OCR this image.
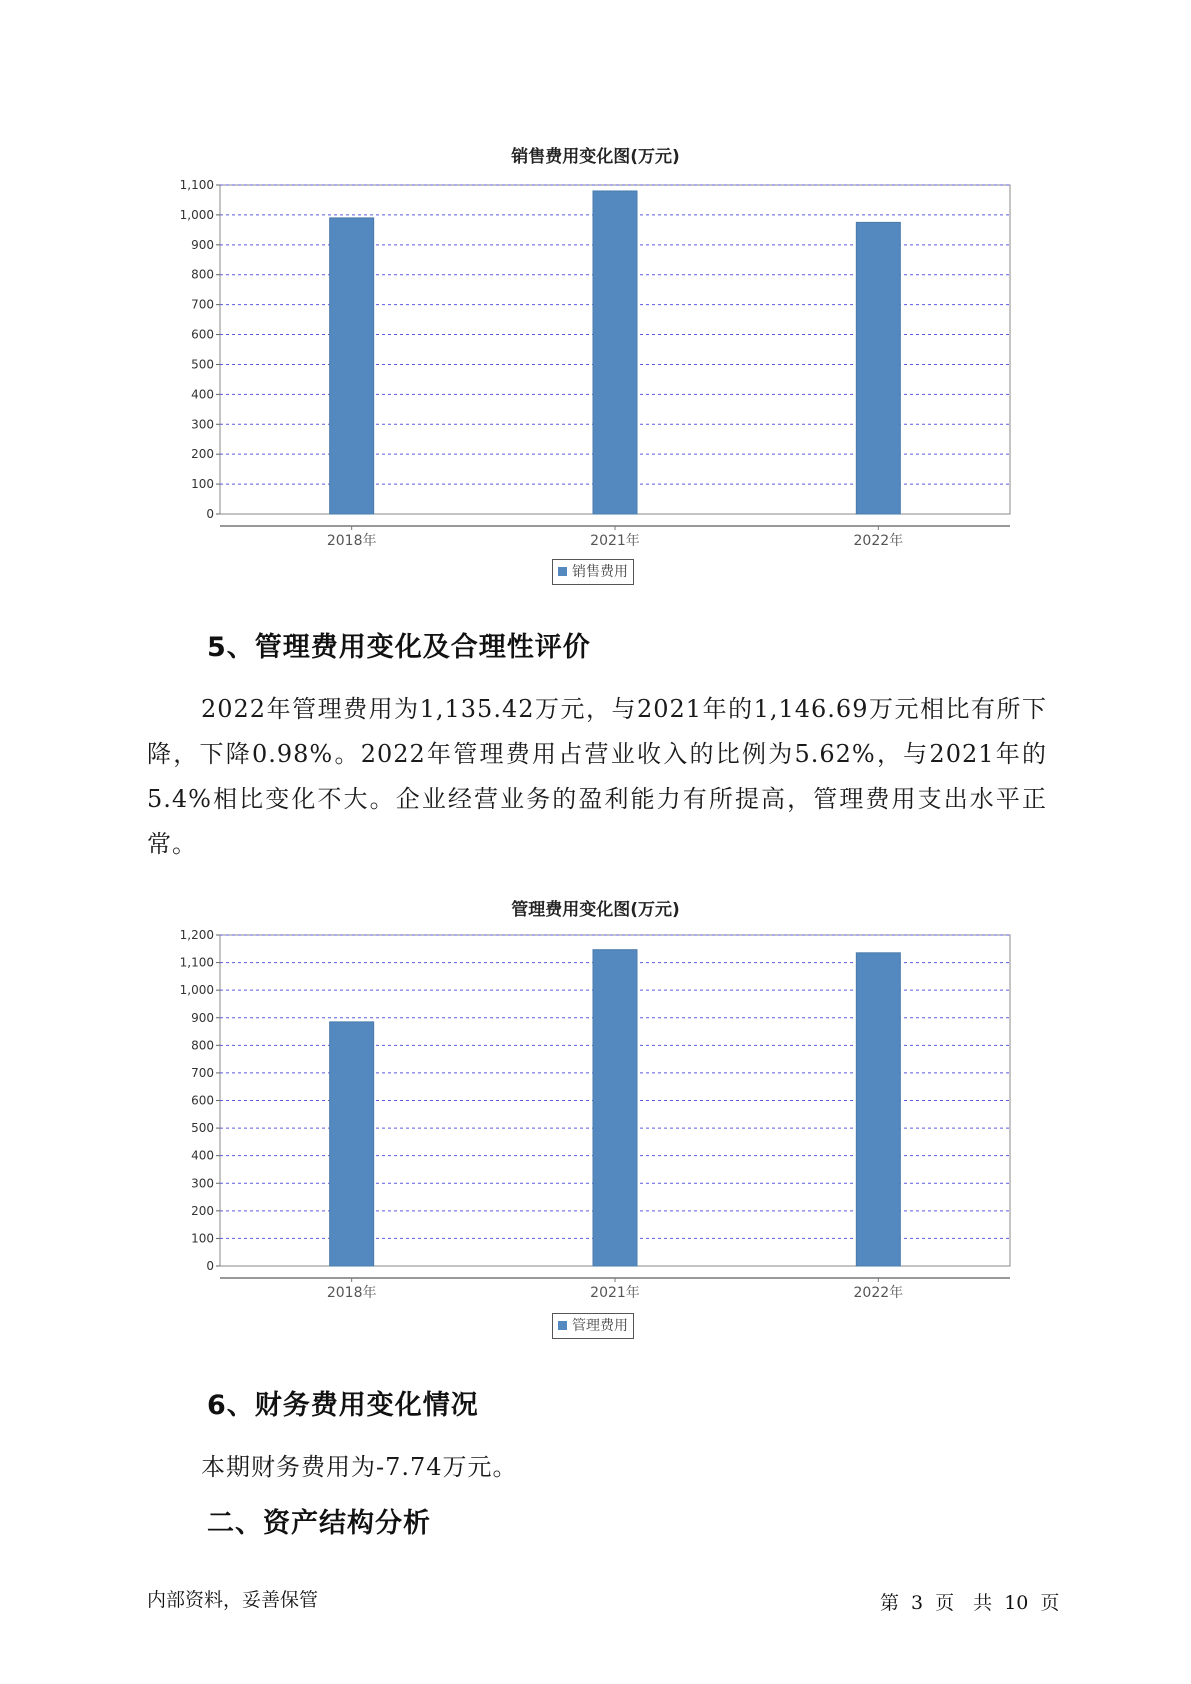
销售费用变化图(万元)
0
100
200
300
400
500
600
700
800
900
1,000
1,100
2018年	2021年	2022年
销售费用
5、管理费用变化及合理性评价

2022年管理费用为1,135.42万元，与2021年的1,146.69万元相比有所下降，下降0.98%。2022年管理费用占营业收入的比例为5.62%，与2021年的5.4%相比变化不大。企业经营业务的盈利能力有所提高，管理费用支出水平正常。

管理费用变化图(万元)
0
100
200
300
400
500
600
700
800
900
1,000
1,100
1,200
2018年	2021年	2022年
管理费用
6、财务费用变化情况
本期财务费用为-7.74万元。
二、资产结构分析
内部资料，妥善保管	第 3 页　共 10 页
